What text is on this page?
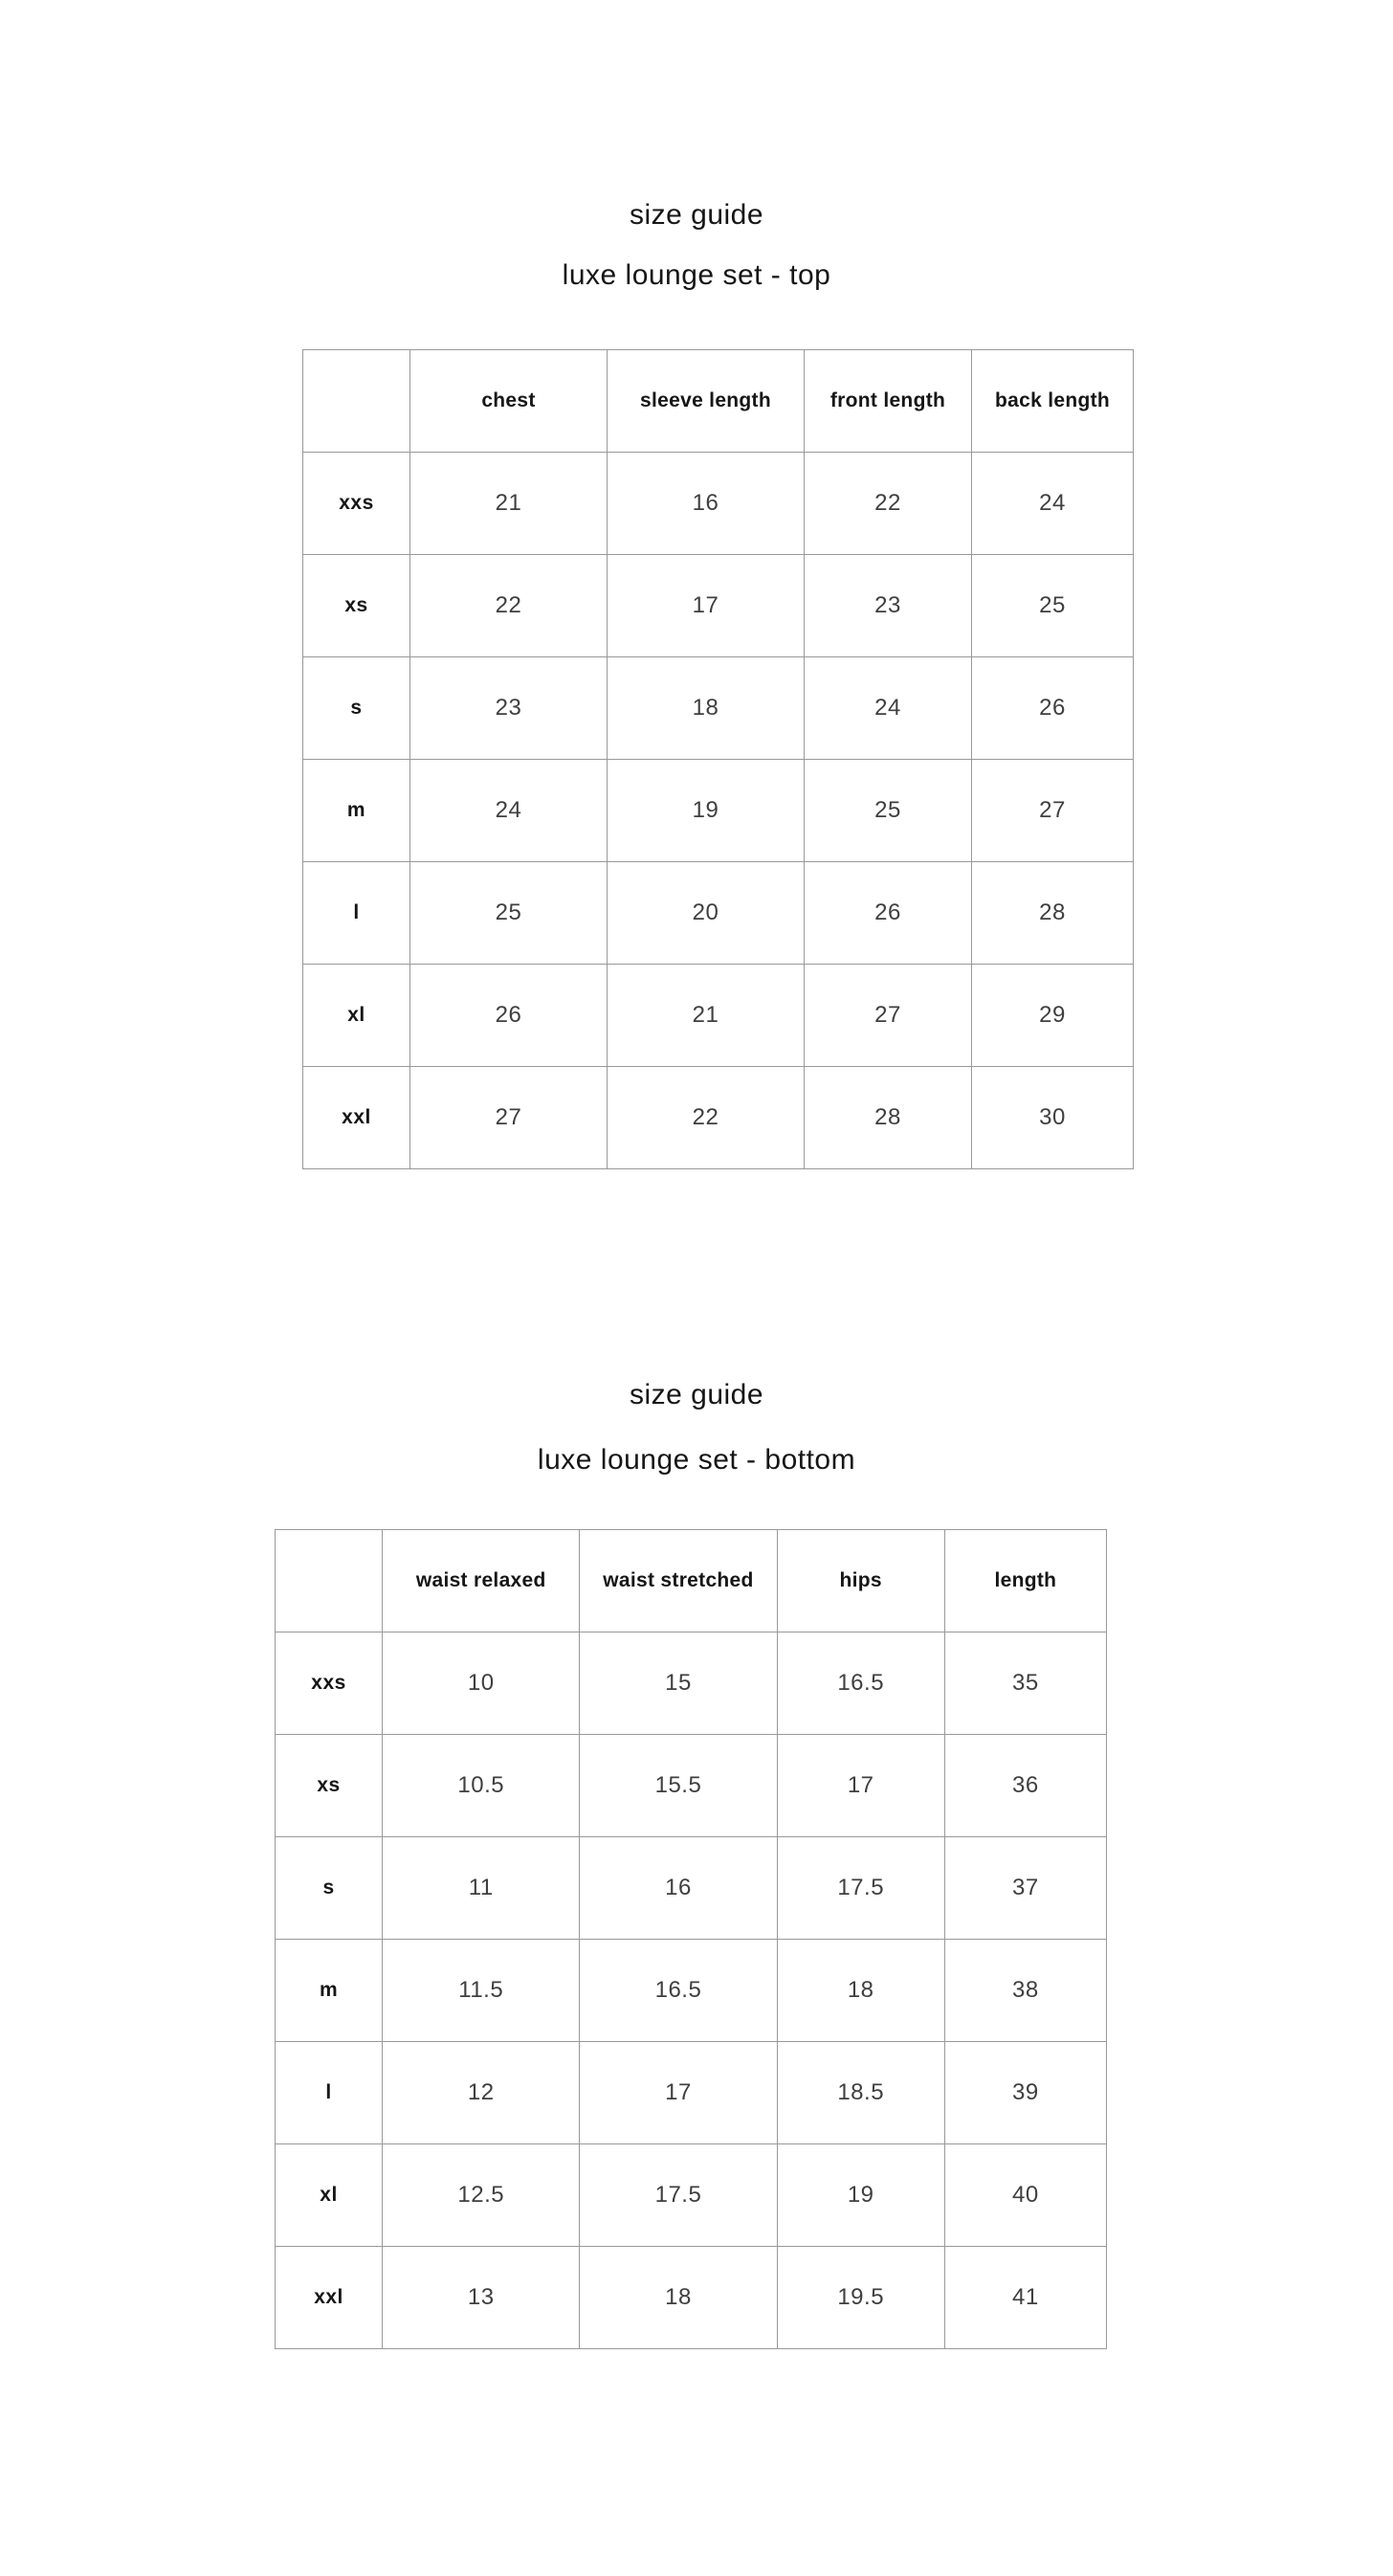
size guide
luxe lounge set - top
	chest	sleeve length	front length	back length
xxs	21	16	22	24
xs	22	17	23	25
s	23	18	24	26
m	24	19	25	27
l	25	20	26	28
xl	26	21	27	29
xxl	27	22	28	30
size guide
luxe lounge set - bottom
	waist relaxed	waist stretched	hips	length
xxs	10	15	16.5	35
xs	10.5	15.5	17	36
s	11	16	17.5	37
m	11.5	16.5	18	38
l	12	17	18.5	39
xl	12.5	17.5	19	40
xxl	13	18	19.5	41
